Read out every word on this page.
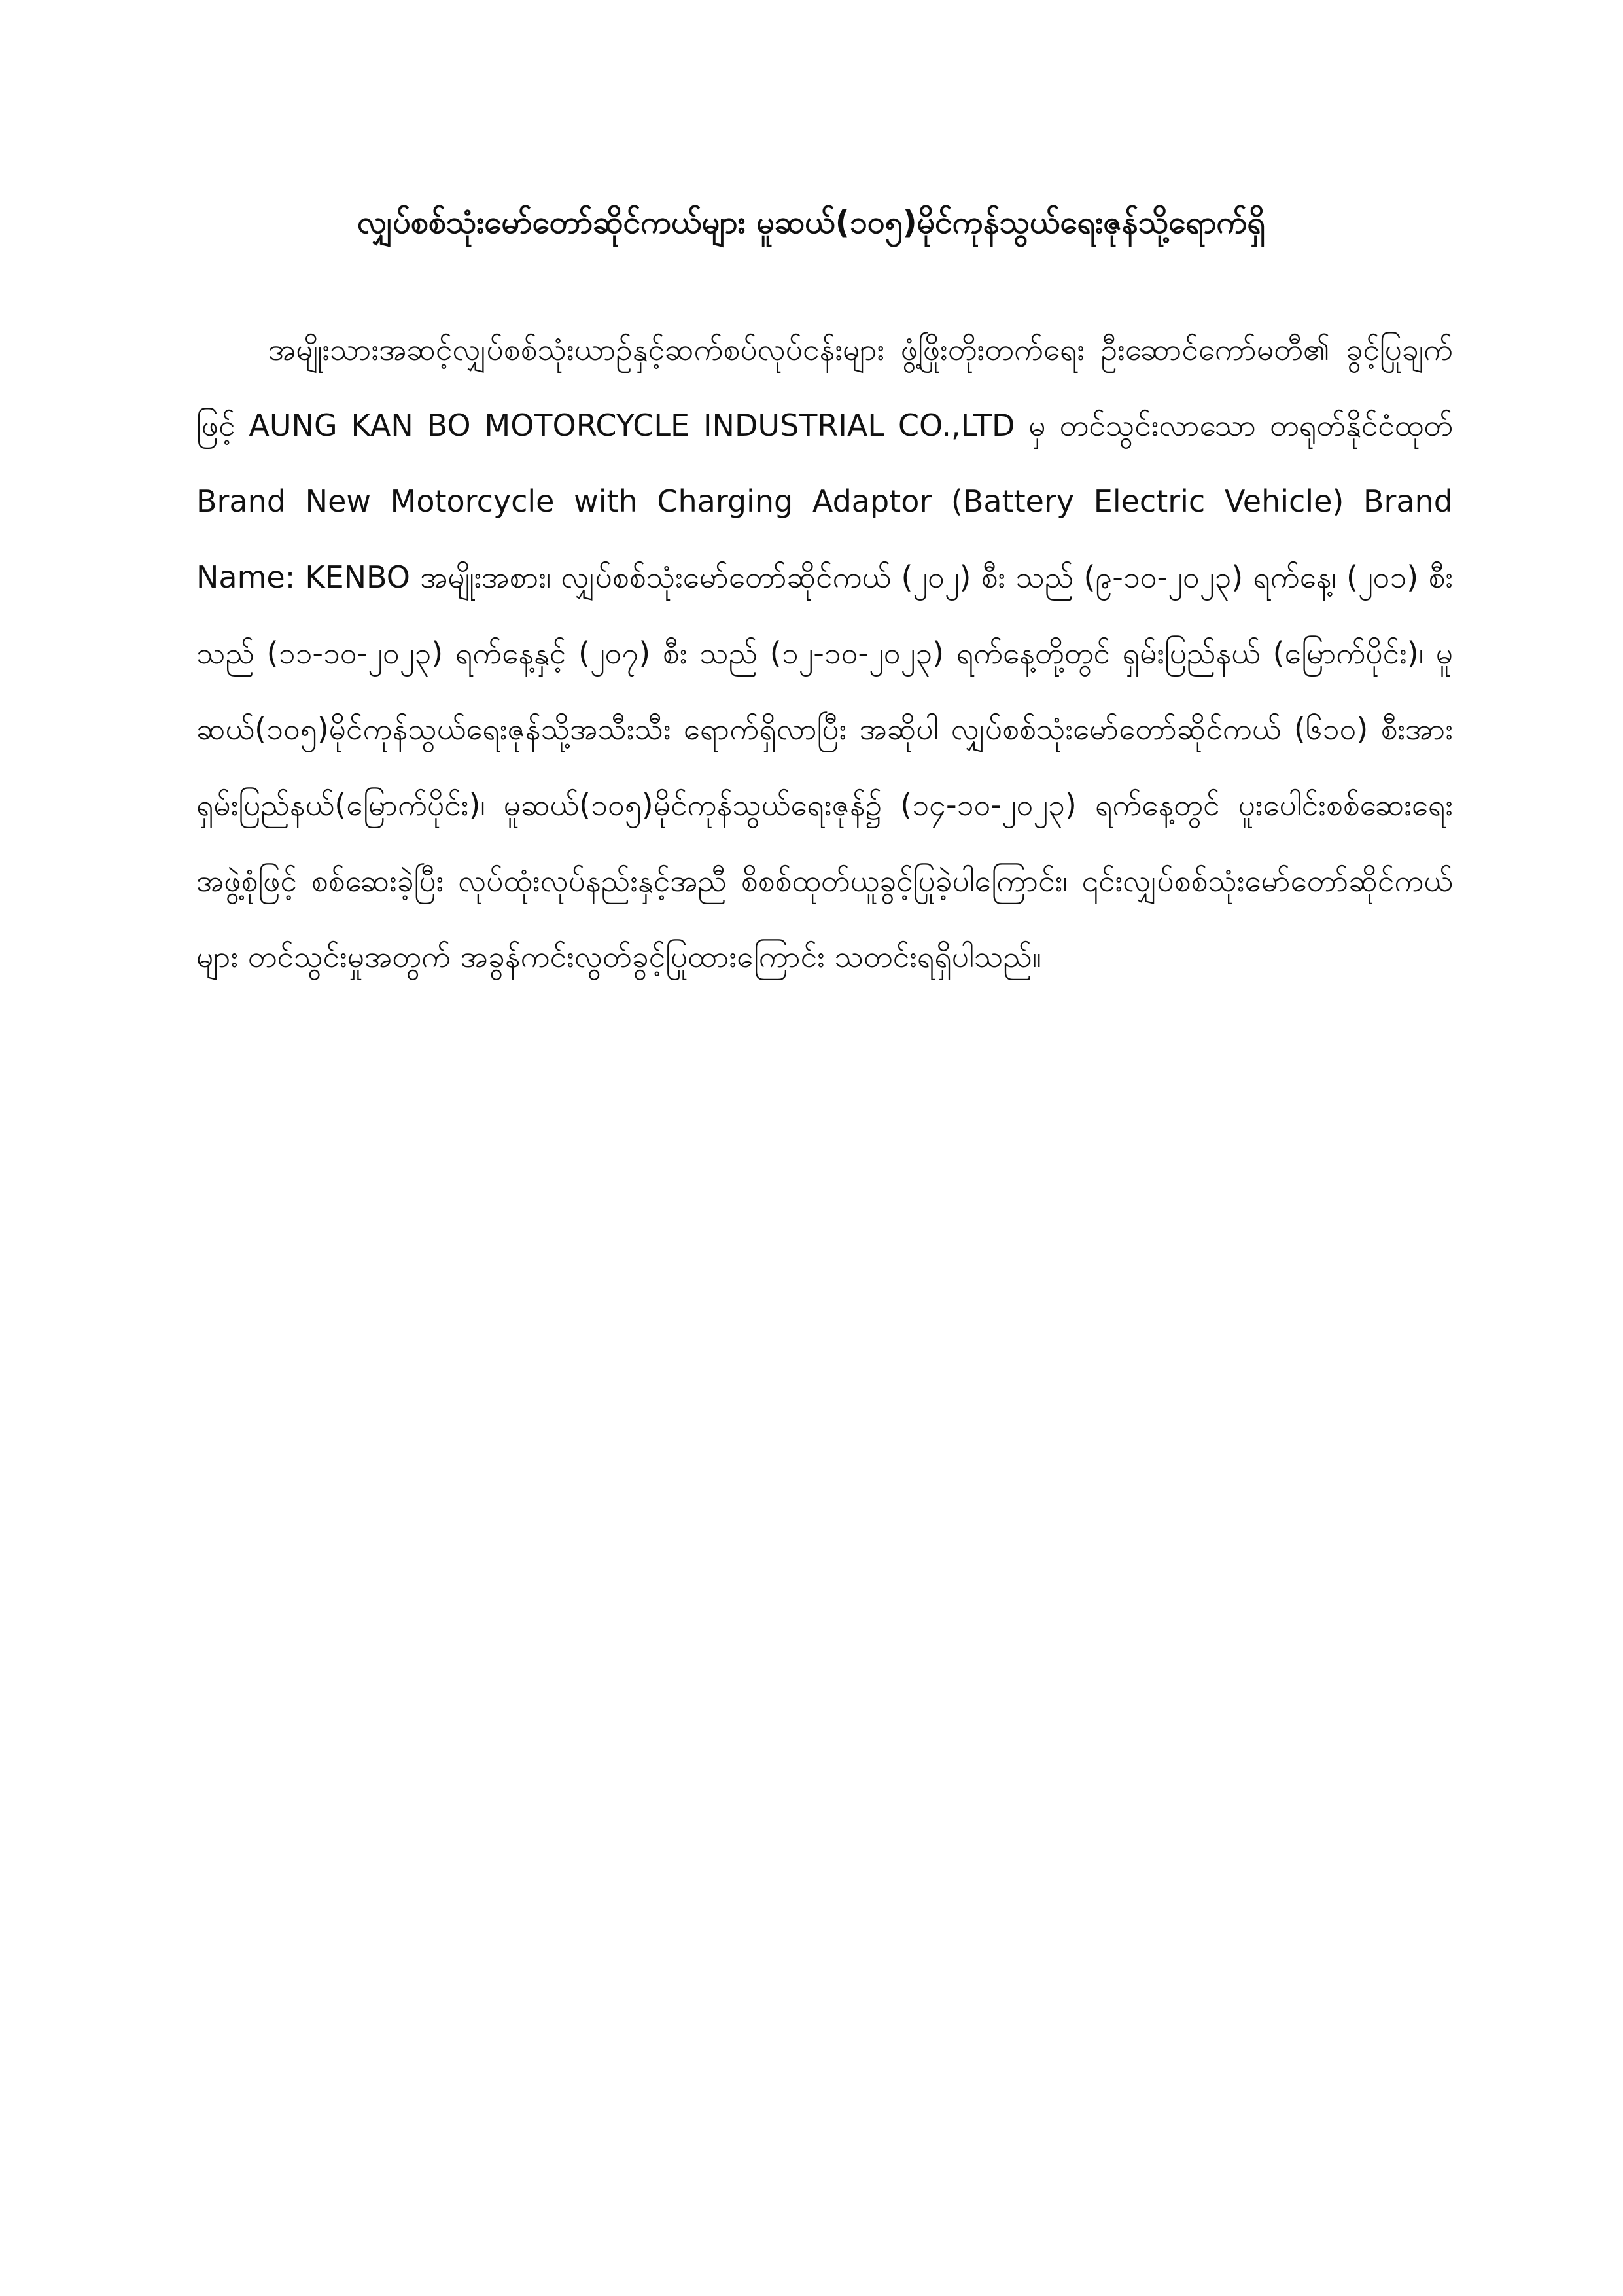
လျှပ်စစ်သုံးမော်တော်ဆိုင်ကယ်များ မူဆယ်(၁၀၅)မိုင်ကုန်သွယ်ရေးဇုန်သို့ရောက်ရှိ

အမျိုးသားအဆင့်လျှပ်စစ်သုံးယာဉ်နှင့်ဆက်စပ်လုပ်ငန်းများ ဖွံ့ဖြိုးတိုးတက်ရေး ဦးဆောင်ကော်မတီ၏ ခွင့်ပြုချက်ဖြင့် AUNG KAN BO MOTORCYCLE INDUSTRIAL CO.,LTD မှ တင်သွင်းလာသော တရုတ်နိုင်ငံထုတ် Brand New Motorcycle with Charging Adaptor (Battery Electric Vehicle) Brand Name: KENBO အမျိုးအစား၊ လျှပ်စစ်သုံးမော်တော်ဆိုင်ကယ် (၂၀၂) စီး သည် (၉-၁၀-၂၀၂၃) ရက်နေ့၊ (၂၀၁) စီး သည် (၁၁-၁၀-၂၀၂၃) ရက်နေ့နှင့် (၂၀၇) စီး သည် (၁၂-၁၀-၂၀၂၃) ရက်နေ့တို့တွင် ရှမ်းပြည်နယ် (မြောက်ပိုင်း)၊ မူဆယ်(၁၀၅)မိုင်ကုန်သွယ်ရေးဇုန်သို့အသီးသီး ရောက်ရှိလာပြီး အဆိုပါ လျှပ်စစ်သုံးမော်တော်ဆိုင်ကယ် (၆၁၀) စီးအား ရှမ်းပြည်နယ်(မြောက်ပိုင်း)၊ မူဆယ်(၁၀၅)မိုင်ကုန်သွယ်ရေးဇုန်၌ (၁၄-၁၀-၂၀၂၃) ရက်နေ့တွင် ပူးပေါင်းစစ်ဆေးရေးအဖွဲ့စုံဖြင့် စစ်ဆေးခဲ့ပြီး လုပ်ထုံးလုပ်နည်းနှင့်အညီ စိစစ်ထုတ်ယူခွင့်ပြုခဲ့ပါကြောင်း၊ ၎င်းလျှပ်စစ်သုံးမော်တော်ဆိုင်ကယ်များ တင်သွင်းမှုအတွက် အခွန်ကင်းလွတ်ခွင့်ပြုထားကြောင်း သတင်းရရှိပါသည်။
